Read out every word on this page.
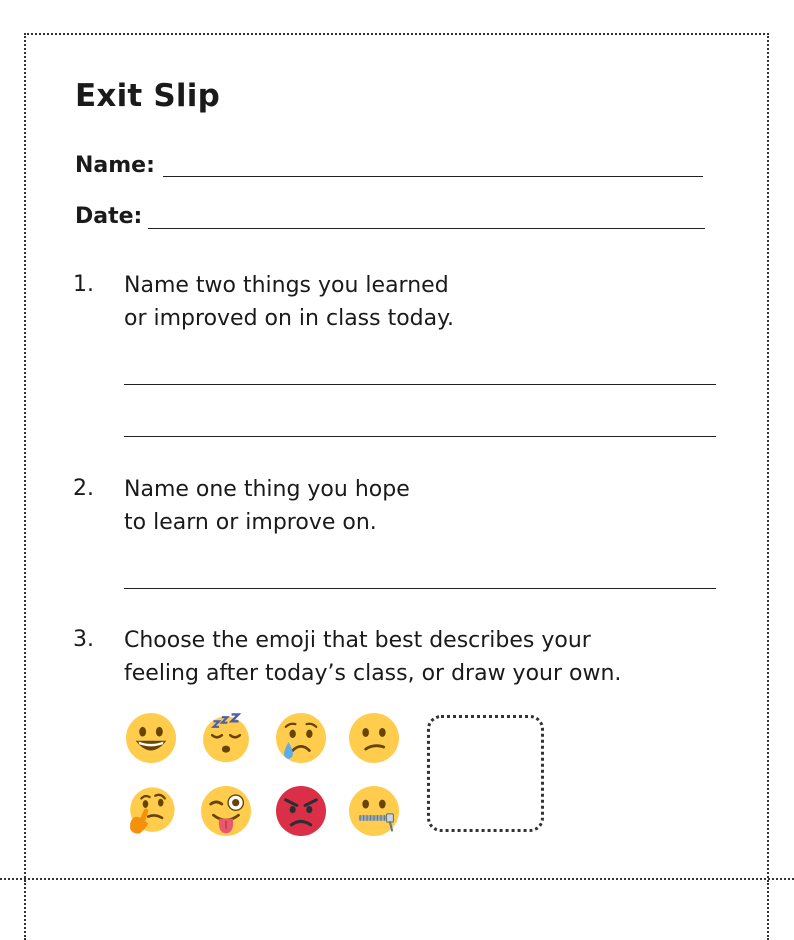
Exit Slip
Name:
Date:
1. Name two things you learned
or improved on in class today.
2. Name one thing you hope
to learn or improve on.
3. Choose the emoji that best describes your
feeling after today’s class, or draw your own.
